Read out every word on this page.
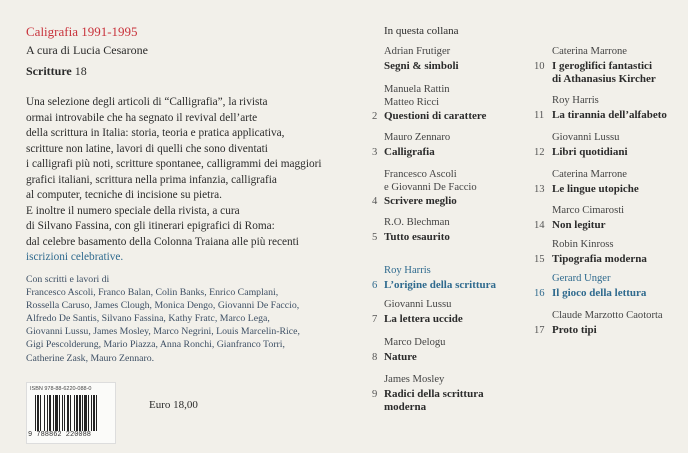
Caligrafia 1991-1995
A cura di Lucia Cesarone
Scritture 18
Una selezione degli articoli di “Calligrafia”, la rivista
ormai introvabile che ha segnato il revival dell’arte
della scrittura in Italia: storia, teoria e pratica applicativa,
scritture non latine, lavori di quelli che sono diventati
i calligrafi più noti, scritture spontanee, calligrammi dei maggiori
grafici italiani, scrittura nella prima infanzia, calligrafia
al computer, tecniche di incisione su pietra.
E inoltre il numero speciale della rivista, a cura
di Silvano Fassina, con gli itinerari epigrafici di Roma:
dal celebre basamento della Colonna Traiana alle più recenti
iscrizioni celebrative.
Con scritti e lavori di
Francesco Ascoli, Franco Balan, Colin Banks, Enrico Camplani,
Rossella Caruso, James Clough, Monica Dengo, Giovanni De Faccio,
Alfredo De Santis, Silvano Fassina, Kathy Fratc, Marco Lega,
Giovanni Lussu, James Mosley, Marco Negrini, Louis Marcelin-Rice,
Gigi Pescolderung, Mario Piazza, Anna Ronchi, Gianfranco Torri,
Catherine Zask, Mauro Zennaro.
ISBN 978-88-6220-088-0
9 788862 220088
Euro 18,00
In questa collana
Adrian Frutiger
Segni & simboli
Manuela Rattin
Matteo Ricci
2 Questioni di carattere
Mauro Zennaro
3 Calligrafia
Francesco Ascoli
e Giovanni De Faccio
4 Scrivere meglio
R.O. Blechman
5 Tutto esaurito
Roy Harris
6 L’origine della scrittura
Giovanni Lussu
7 La lettera uccide
Marco Delogu
8 Nature
James Mosley
9 Radici della scrittura
moderna
Caterina Marrone
10 I geroglifici fantastici
di Athanasius Kircher
Roy Harris
11 La tirannia dell’alfabeto
Giovanni Lussu
12 Libri quotidiani
Caterina Marrone
13 Le lingue utopiche
Marco Cimarosti
14 Non legitur
Robin Kinross
15 Tipografia moderna
Gerard Unger
16 Il gioco della lettura
Claude Marzotto Caotorta
17 Proto tipi
